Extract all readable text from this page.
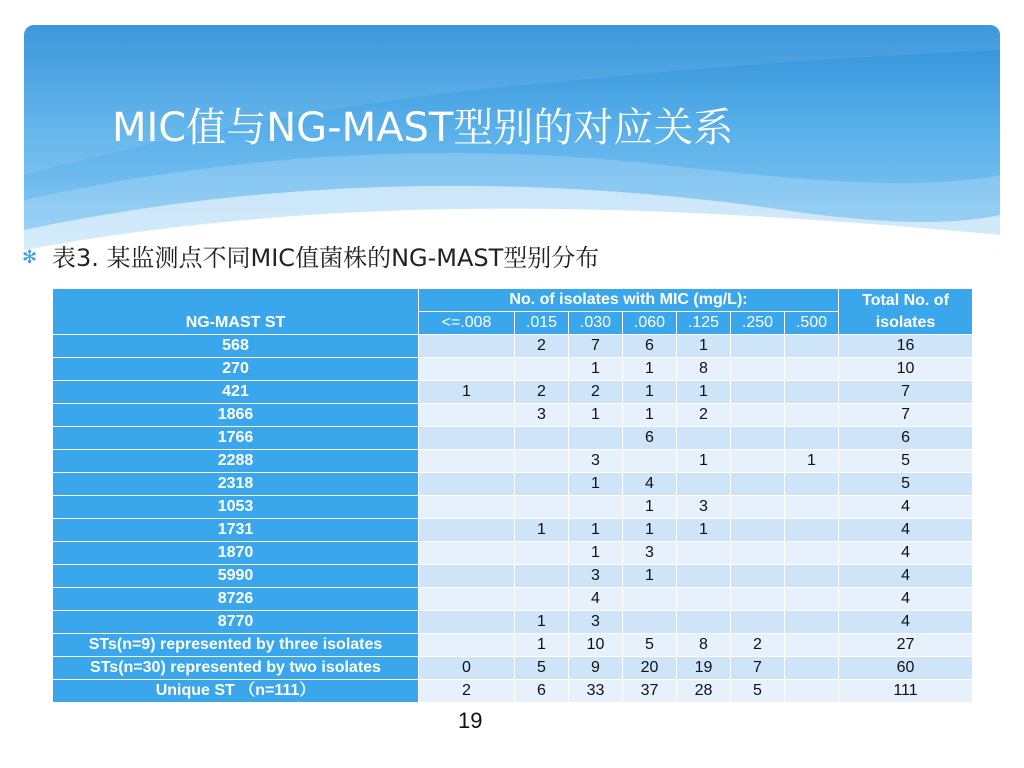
MIC值与NG-MAST型别的对应关系
✻ 表3. 某监测点不同MIC值菌株的NG-MAST型别分布

NG-MAST ST	No. of isolates with MIC (mg/L):							Total No. of isolates
	<=.008	.015	.030	.060	.125	.250	.500	
568		2	7	6	1			16
270			1	1	8			10
421	1	2	2	1	1			7
1866		3	1	1	2			7
1766				6				6
2288			3		1		1	5
2318			1	4				5
1053				1	3			4
1731		1	1	1	1			4
1870			1	3				4
5990			3	1				4
8726			4					4
8770		1	3					4
STs(n=9) represented by three isolates		1	10	5	8	2		27
STs(n=30) represented by two isolates	0	5	9	20	19	7		60
Unique ST （n=111）	2	6	33	37	28	5		111
19
